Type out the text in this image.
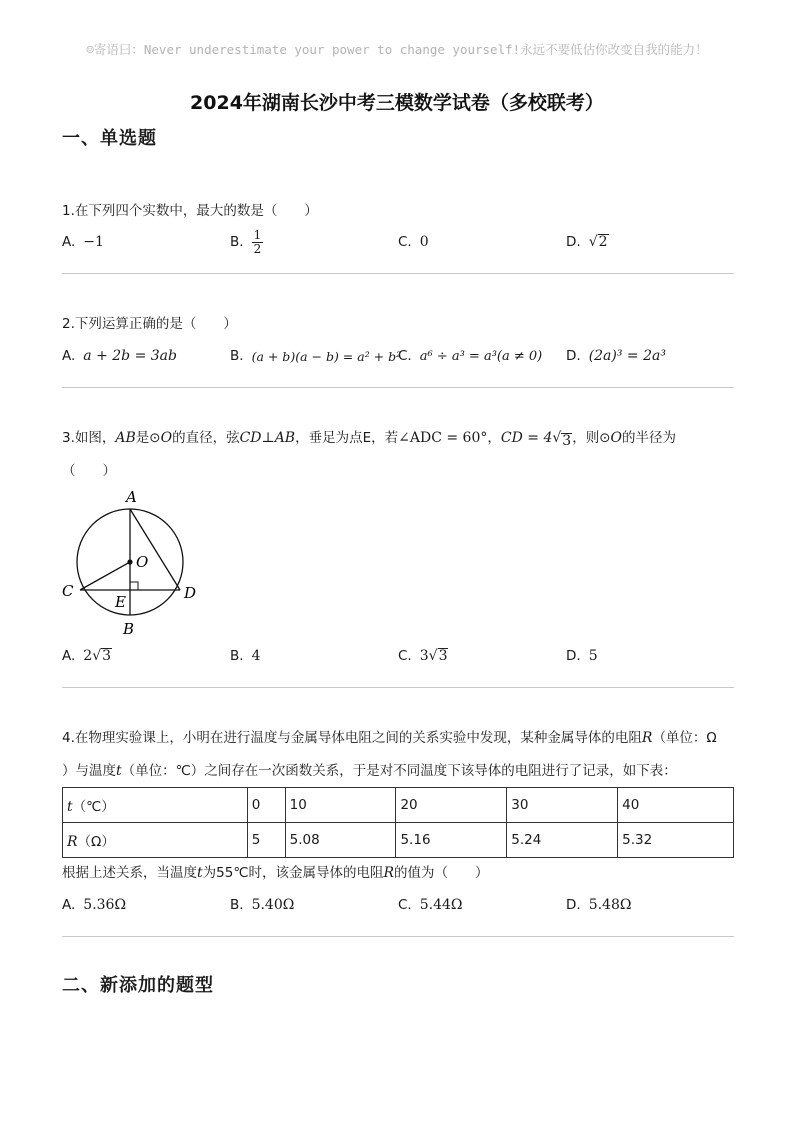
☺寄语曰：Never underestimate your power to change yourself!永远不要低估你改变自我的能力！
2024年湖南长沙中考三模数学试卷（多校联考）
一、单选题
1.在下列四个实数中，最大的数是（　　）
A. −1	B. $\frac{1}{2}$	C. 0	D. √ 2
2.下列运算正确的是（　　）
A. a + 2b = 3ab	B. (a + b)(a − b) = a² + b²
C. a⁶ ÷ a³ = a³(a ≠ 0) D. (2a)³ = 2a³
3.如图，AB是⊙O的直径，弦CD⊥AB，垂足为点E，若∠ADC = 60°，CD = 4 √ 3 ，则⊙O的半径为
（　　）
A
O
C	D
E
B
A. 2 √ 3	B. 4	C. 3 √ 3	D. 5
4.在物理实验课上，小明在进行温度与金属导体电阻之间的关系实验中发现，某种金属导体的电阻R（单位：Ω
）与温度t（单位：℃）之间存在一次函数关系，于是对不同温度下该导体的电阻进行了记录，如下表：
t（℃）	0	10	20	30	40
R（Ω）	5	5.08	5.16	5.24	5.32
根据上述关系，当温度t为55℃时，该金属导体的电阻R的值为（　　）
A. 5.36Ω	B. 5.40Ω	C. 5.44Ω	D. 5.48Ω
二、新添加的题型
